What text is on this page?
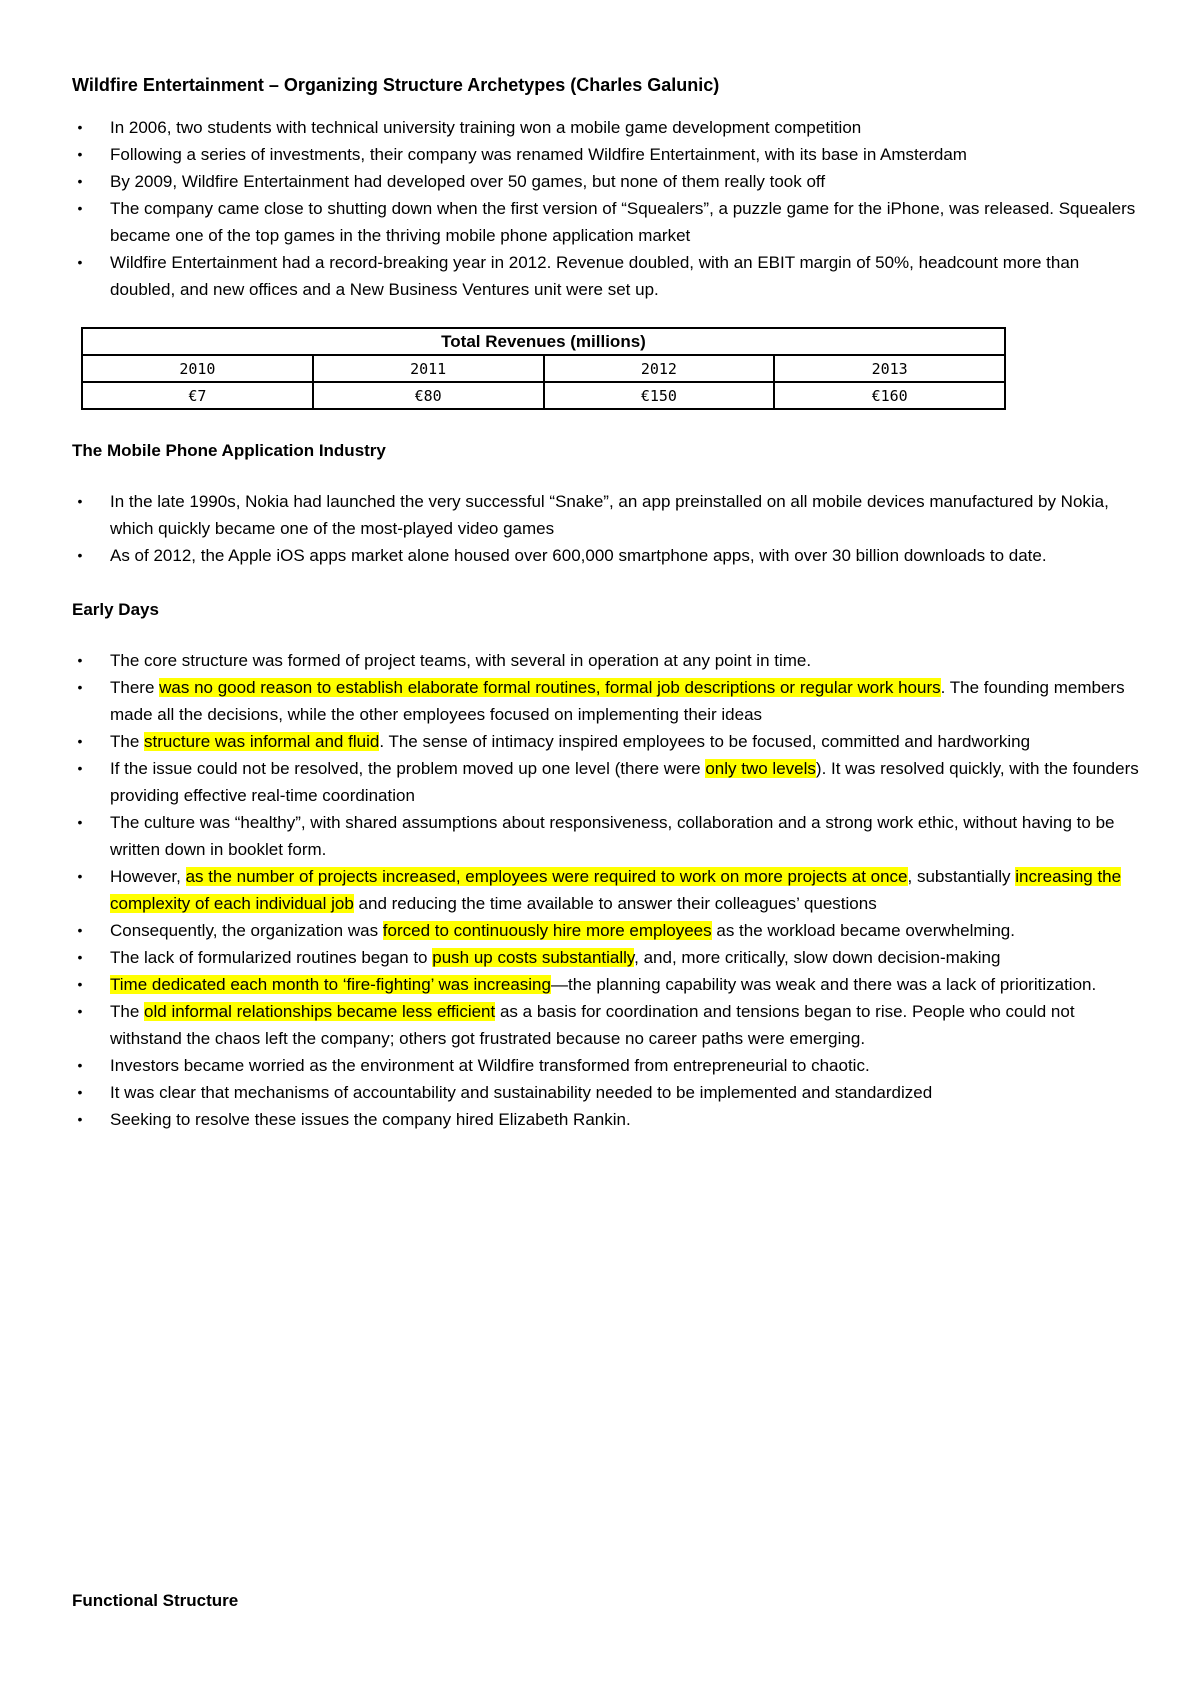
Wildfire Entertainment – Organizing Structure Archetypes (Charles Galunic)
•	In 2006, two students with technical university training won a mobile game development competition
•	Following a series of investments, their company was renamed Wildfire Entertainment, with its base in Amsterdam
•	By 2009, Wildfire Entertainment had developed over 50 games, but none of them really took off
•	The company came close to shutting down when the first version of “Squealers”, a puzzle game for the iPhone, was released. Squealers became one of the top games in the thriving mobile phone application market
•	Wildfire Entertainment had a record-breaking year in 2012. Revenue doubled, with an EBIT margin of 50%, headcount more than doubled, and new offices and a New Business Ventures unit were set up.
Total Revenues (millions)			
2010	2011	2012	2013
€7	€80	€150	€160
The Mobile Phone Application Industry
•	In the late 1990s, Nokia had launched the very successful “Snake”, an app preinstalled on all mobile devices manufactured by Nokia, which quickly became one of the most-played video games
•	As of 2012, the Apple iOS apps market alone housed over 600,000 smartphone apps, with over 30 billion downloads to date.
Early Days
•	The core structure was formed of project teams, with several in operation at any point in time.
•	There was no good reason to establish elaborate formal routines, formal job descriptions or regular work hours. The founding members made all the decisions, while the other employees focused on implementing their ideas
•	The structure was informal and fluid. The sense of intimacy inspired employees to be focused, committed and hardworking
•	If the issue could not be resolved, the problem moved up one level (there were only two levels). It was resolved quickly, with the founders providing effective real-time coordination
•	The culture was “healthy”, with shared assumptions about responsiveness, collaboration and a strong work ethic, without having to be written down in booklet form.
•	However, as the number of projects increased, employees were required to work on more projects at once, substantially increasing the complexity of each individual job and reducing the time available to answer their colleagues’ questions
•	Consequently, the organization was forced to continuously hire more employees as the workload became overwhelming.
•	The lack of formularized routines began to push up costs substantially, and, more critically, slow down decision-making
•	Time dedicated each month to ‘fire-fighting’ was increasing—the planning capability was weak and there was a lack of prioritization.
•	The old informal relationships became less efficient as a basis for coordination and tensions began to rise. People who could not withstand the chaos left the company; others got frustrated because no career paths were emerging.
•	Investors became worried as the environment at Wildfire transformed from entrepreneurial to chaotic.
•	It was clear that mechanisms of accountability and sustainability needed to be implemented and standardized
•	Seeking to resolve these issues the company hired Elizabeth Rankin.
Functional Structure
